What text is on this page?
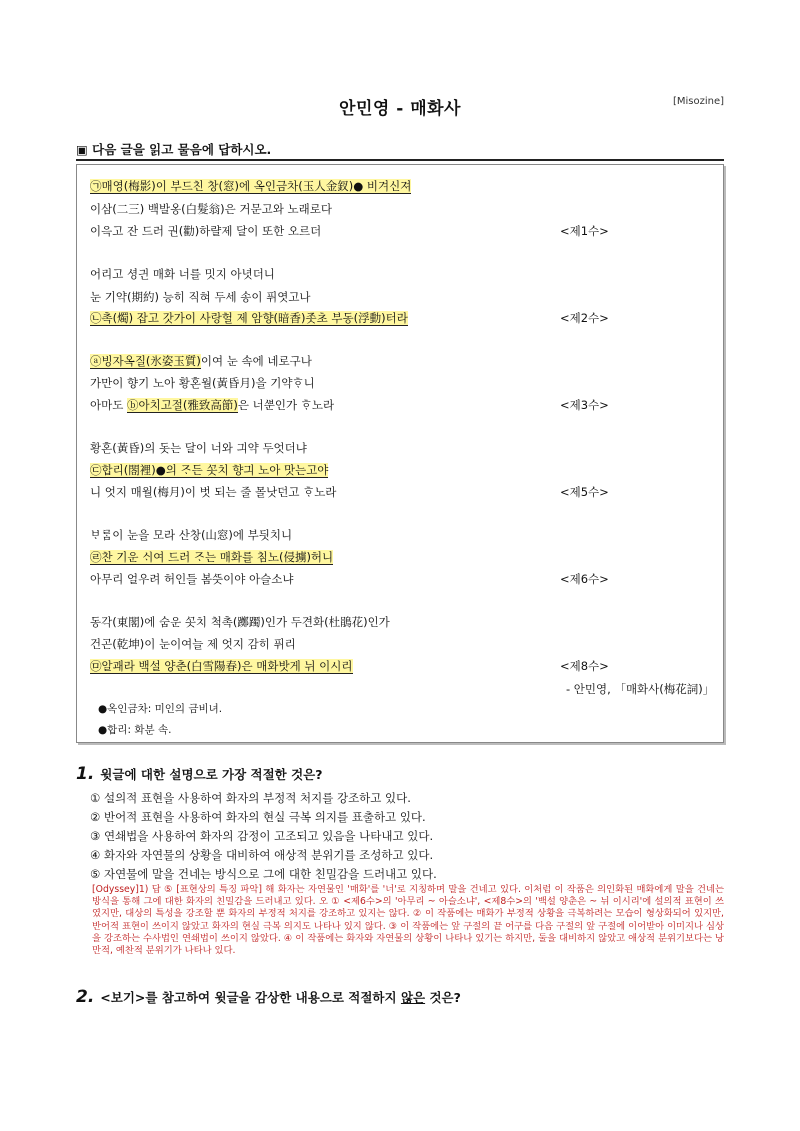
안민영 - 매화사	[Misozine]
▣ 다음 글을 읽고 물음에 답하시오.
㉠매영(梅影)이 부드친 창(窓)에 옥인금차(玉人金釵)● 비겨신져
이삼(二三) 백발옹(白髮翁)은 거문고와 노래로다
이윽고 잔 드러 권(勸)하랼제 달이 또한 오르더	<제1수>
어리고 셩긘 매화 너를 밋지 아녓더니
눈 기약(期約) 능히 직혀 두세 송이 퓌엿고나
㉡촉(燭) 잡고 갓가이 사랑헐 제 암향(暗香)좃초 부동(浮動)터라	<제2수>
ⓐ빙자옥질(氷姿玉質)이여 눈 속에 네로구나
가만이 향기 노아 황혼월(黃昏月)을 기약ᄒᆞ니
아마도 ⓑ아치고절(雅致高節)은 너ᄲᅮᆫ인가 ᄒᆞ노라	<제3수>
황혼(黃昏)의 돗는 달이 너와 긔약 두엇더냐
㉢합리(閤裡)●의 ᄌᆞ든 ᄭᅩᆺ치 향긔 노아 맛는고야
니 엇지 매월(梅月)이 벗 되는 줄 몰낫던고 ᄒᆞ노라	<제5수>
ᄇᆞᄅᆞᆷ이 눈을 모라 산창(山窓)에 부딋치니
㉣찬 기운 ᄉᆡ여 드러 ᄌᆞ는 매화를 침노(侵擄)허니
아무리 얼우려 허인들 봄ᄯᅳᆺ이야 아슬소냐	<제6수>
동각(東閣)에 숨운 ᄭᅩᆺ치 척촉(躑躅)인가 두견화(杜鵑花)인가
건곤(乾坤)이 눈이여늘 제 엇지 감히 퓌리
㉤알괘라 백설 양춘(白雪陽春)은 매화밧게 뉘 이시리	<제8수>
- 안민영, 「매화사(梅花詞)」
●옥인금차: 미인의 금비녀.
●합리: 화분 속.
1. 윗글에 대한 설명으로 가장 적절한 것은?
① 설의적 표현을 사용하여 화자의 부정적 처지를 강조하고 있다.
② 반어적 표현을 사용하여 화자의 현실 극복 의지를 표출하고 있다.
③ 연쇄법을 사용하여 화자의 감정이 고조되고 있음을 나타내고 있다.
④ 화자와 자연물의 상황을 대비하여 애상적 분위기를 조성하고 있다.
⑤ 자연물에 말을 건네는 방식으로 그에 대한 친밀감을 드러내고 있다.
[Odyssey]1) 답 ⑤ [표현상의 특징 파악] 해 화자는 자연물인 '매화'를 '너'로 지칭하며 말을 건네고 있다. 이처럼 이 작품은 의인화된 매화에게 말을 건네는 방식을 통해 그에 대한 화자의 친밀감을 드러내고 있다. 오 ① <제6수>의 '아무리 ~ 아슬소냐', <제8수>의 '백설 양춘은 ~ 뉘 이시리'에 설의적 표현이 쓰였지만, 대상의 특성을 강조할 뿐 화자의 부정적 처지를 강조하고 있지는 않다. ② 이 작품에는 매화가 부정적 상황을 극복하려는 모습이 형상화되어 있지만, 반어적 표현이 쓰이지 않았고 화자의 현실 극복 의지도 나타나 있지 않다. ③ 이 작품에는 앞 구절의 끝 어구를 다음 구절의 앞 구절에 이어받아 이미지나 심상을 강조하는 수사법인 연쇄법이 쓰이지 않았다. ④ 이 작품에는 화자와 자연물의 상황이 나타나 있기는 하지만, 둘을 대비하지 않았고 애상적 분위기보다는 낭만적, 예찬적 분위기가 나타나 있다.
2. <보기>를 참고하여 윗글을 감상한 내용으로 적절하지 않은 것은?
